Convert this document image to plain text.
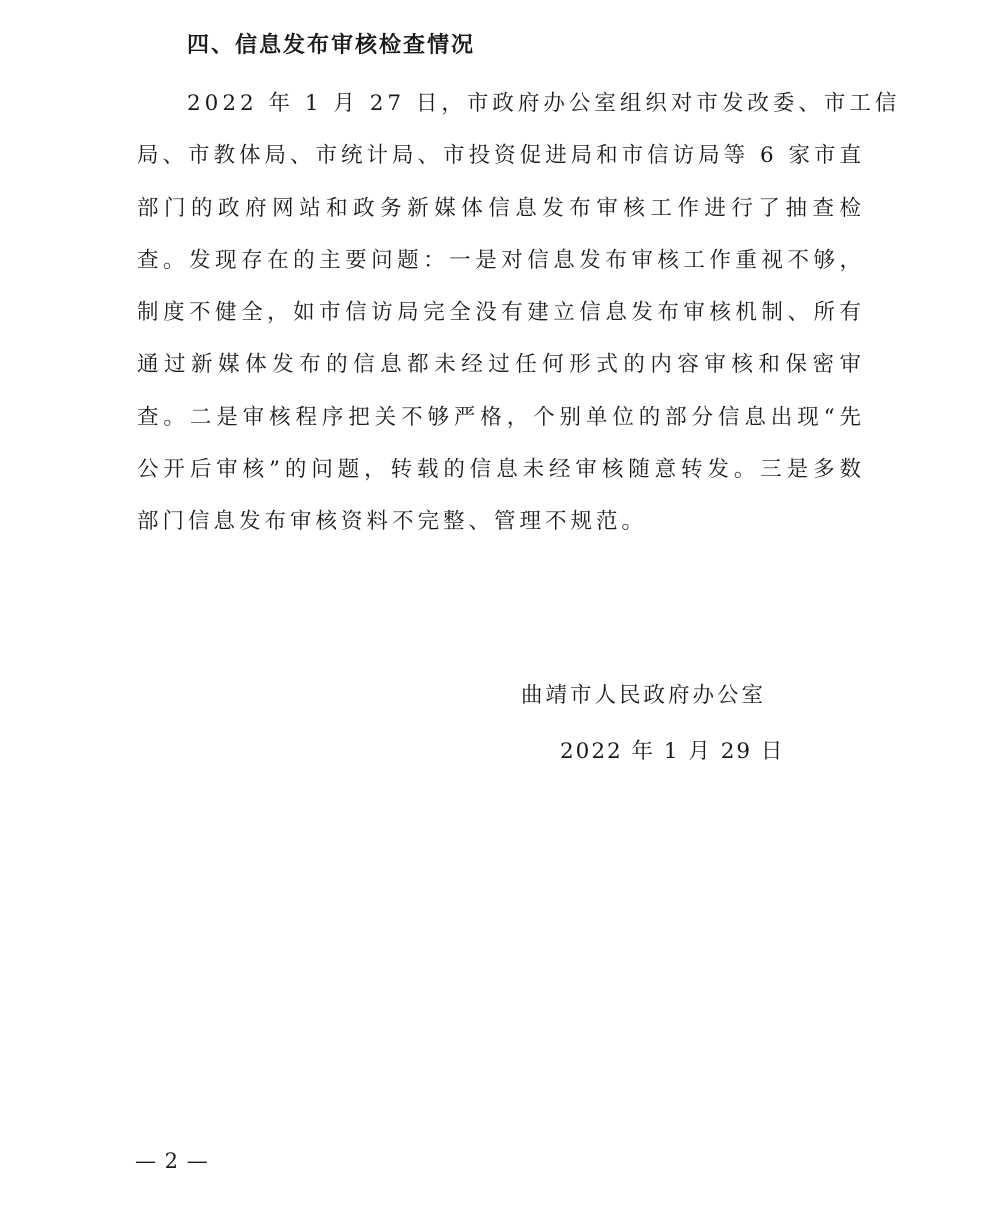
四、信息发布审核检查情况
2022 年 1 月 27 日，市政府办公室组织对市发改委、市工信
局、市教体局、市统计局、市投资促进局和市信访局等 6 家市直
部门的政府网站和政务新媒体信息发布审核工作进行了抽查检
查。发现存在的主要问题：一是对信息发布审核工作重视不够，
制度不健全，如市信访局完全没有建立信息发布审核机制、所有
通过新媒体发布的信息都未经过任何形式的内容审核和保密审
查。二是审核程序把关不够严格，个别单位的部分信息出现“先
公开后审核”的问题，转载的信息未经审核随意转发。三是多数
部门信息发布审核资料不完整、管理不规范。
曲靖市人民政府办公室
2022 年 1 月 29 日
— 2 —
